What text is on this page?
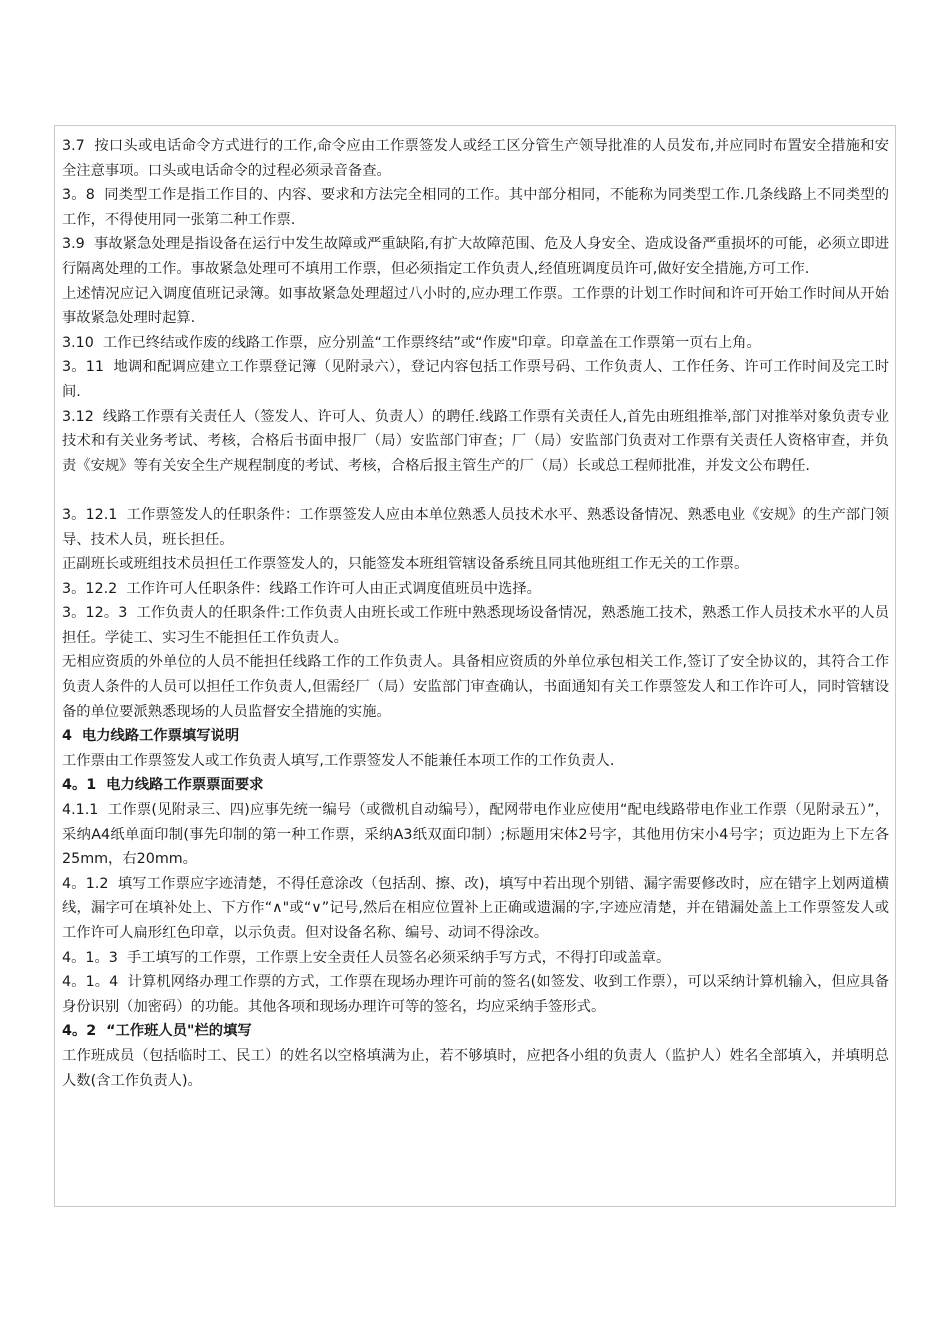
3.7  按口头或电话命令方式进行的工作,命令应由工作票签发人或经工区分管生产领导批准的人员发布,并应同时布置安全措施和安全注意事项。口头或电话命令的过程必须录音备查。

3。8  同类型工作是指工作目的、内容、要求和方法完全相同的工作。其中部分相同，不能称为同类型工作.几条线路上不同类型的工作，不得使用同一张第二种工作票.

3.9  事故紧急处理是指设备在运行中发生故障或严重缺陷,有扩大故障范围、危及人身安全、造成设备严重损坏的可能，必须立即进行隔离处理的工作。事故紧急处理可不填用工作票，但必须指定工作负责人,经值班调度员许可,做好安全措施,方可工作.

上述情况应记入调度值班记录簿。如事故紧急处理超过八小时的,应办理工作票。工作票的计划工作时间和许可开始工作时间从开始事故紧急处理时起算.

3.10  工作已终结或作废的线路工作票，应分别盖“工作票终结”或“作废"印章。印章盖在工作票第一页右上角。

3。11  地调和配调应建立工作票登记簿（见附录六），登记内容包括工作票号码、工作负责人、工作任务、许可工作时间及完工时间.

3.12  线路工作票有关责任人（签发人、许可人、负责人）的聘任.线路工作票有关责任人,首先由班组推举,部门对推举对象负责专业技术和有关业务考试、考核，合格后书面申报厂（局）安监部门审查；厂（局）安监部门负责对工作票有关责任人资格审查，并负责《安规》等有关安全生产规程制度的考试、考核，合格后报主管生产的厂（局）长或总工程师批准，并发文公布聘任.

3。12.1  工作票签发人的任职条件：工作票签发人应由本单位熟悉人员技术水平、熟悉设备情况、熟悉电业《安规》的生产部门领导、技术人员，班长担任。

正副班长或班组技术员担任工作票签发人的，只能签发本班组管辖设备系统且同其他班组工作无关的工作票。

3。12.2  工作许可人任职条件：线路工作许可人由正式调度值班员中选择。

3。12。3  工作负责人的任职条件:工作负责人由班长或工作班中熟悉现场设备情况，熟悉施工技术，熟悉工作人员技术水平的人员担任。学徒工、实习生不能担任工作负责人。

无相应资质的外单位的人员不能担任线路工作的工作负责人。具备相应资质的外单位承包相关工作,签订了安全协议的，其符合工作负责人条件的人员可以担任工作负责人,但需经厂（局）安监部门审查确认，书面通知有关工作票签发人和工作许可人，同时管辖设备的单位要派熟悉现场的人员监督安全措施的实施。

4  电力线路工作票填写说明

工作票由工作票签发人或工作负责人填写,工作票签发人不能兼任本项工作的工作负责人.

4。1  电力线路工作票票面要求

4.1.1  工作票(见附录三、四)应事先统一编号（或微机自动编号），配网带电作业应使用“配电线路带电作业工作票（见附录五）”，采纳A4纸单面印制(事先印制的第一种工作票，采纳A3纸双面印制）;标题用宋体2号字，其他用仿宋小4号字；页边距为上下左各25mm，右20mm。

4。1.2  填写工作票应字迹清楚，不得任意涂改（包括刮、擦、改)，填写中若出现个别错、漏字需要修改时，应在错字上划两道横线，漏字可在填补处上、下方作“∧"或“∨”记号,然后在相应位置补上正确或遗漏的字,字迹应清楚，并在错漏处盖上工作票签发人或工作许可人扁形红色印章，以示负责。但对设备名称、编号、动词不得涂改。

4。1。3  手工填写的工作票，工作票上安全责任人员签名必须采纳手写方式，不得打印或盖章。

4。1。4  计算机网络办理工作票的方式，工作票在现场办理许可前的签名(如签发、收到工作票），可以采纳计算机输入，但应具备身份识别（加密码）的功能。其他各项和现场办理许可等的签名，均应采纳手签形式。

4。2  “工作班人员"栏的填写

工作班成员（包括临时工、民工）的姓名以空格填满为止，若不够填时，应把各小组的负责人（监护人）姓名全部填入，并填明总人数(含工作负责人)。
